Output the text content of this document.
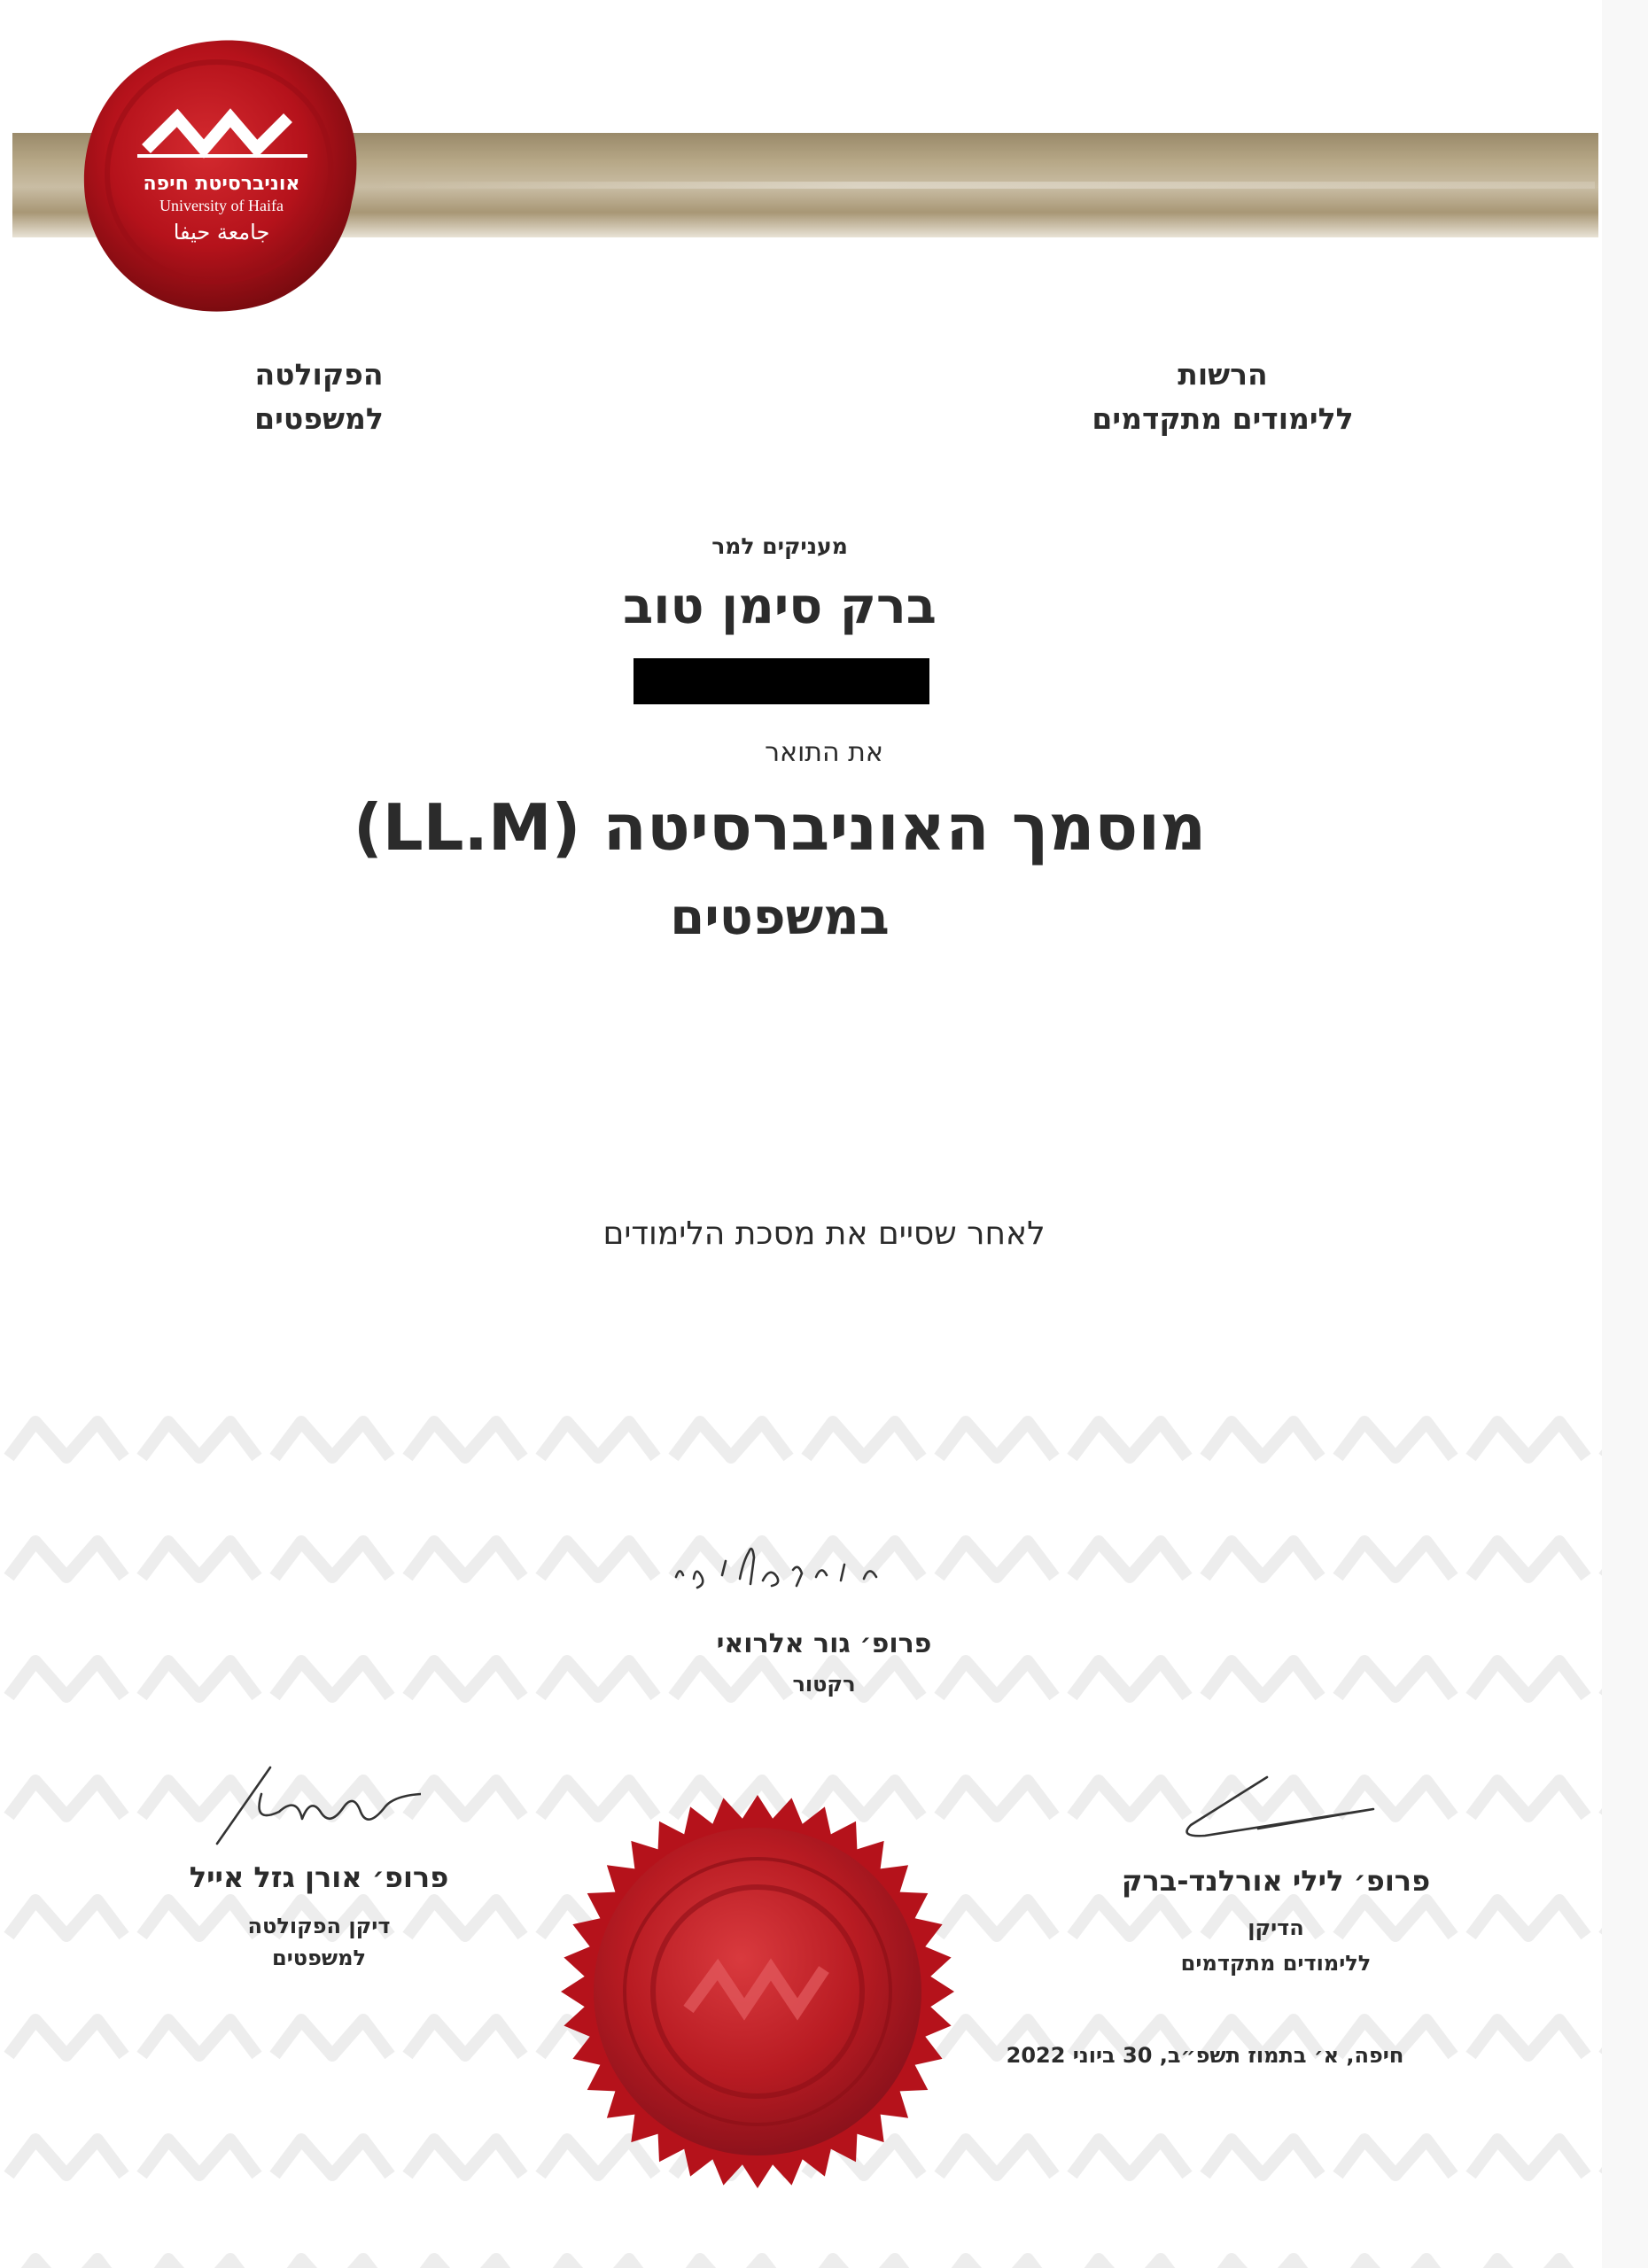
אוניברסיטת חיפה
University of Haifa
جامعة حيفا
הרשות
ללימודים מתקדמים
הפקולטה
למשפטים
מעניקים למר
ברק סימן טוב
את התואר
מוסמך האוניברסיטה (LL.M)
במשפטים
לאחר שסיים את מסכת הלימודים
פרופ׳ גור אלרואי
רקטור
פרופ׳ לילי אורלנד-ברק
הדיקן
ללימודים מתקדמים
חיפה, א׳ בתמוז תשפ״ב, 30 ביוני 2022
פרופ׳ אורן גזל אייל
דיקן הפקולטה
למשפטים
